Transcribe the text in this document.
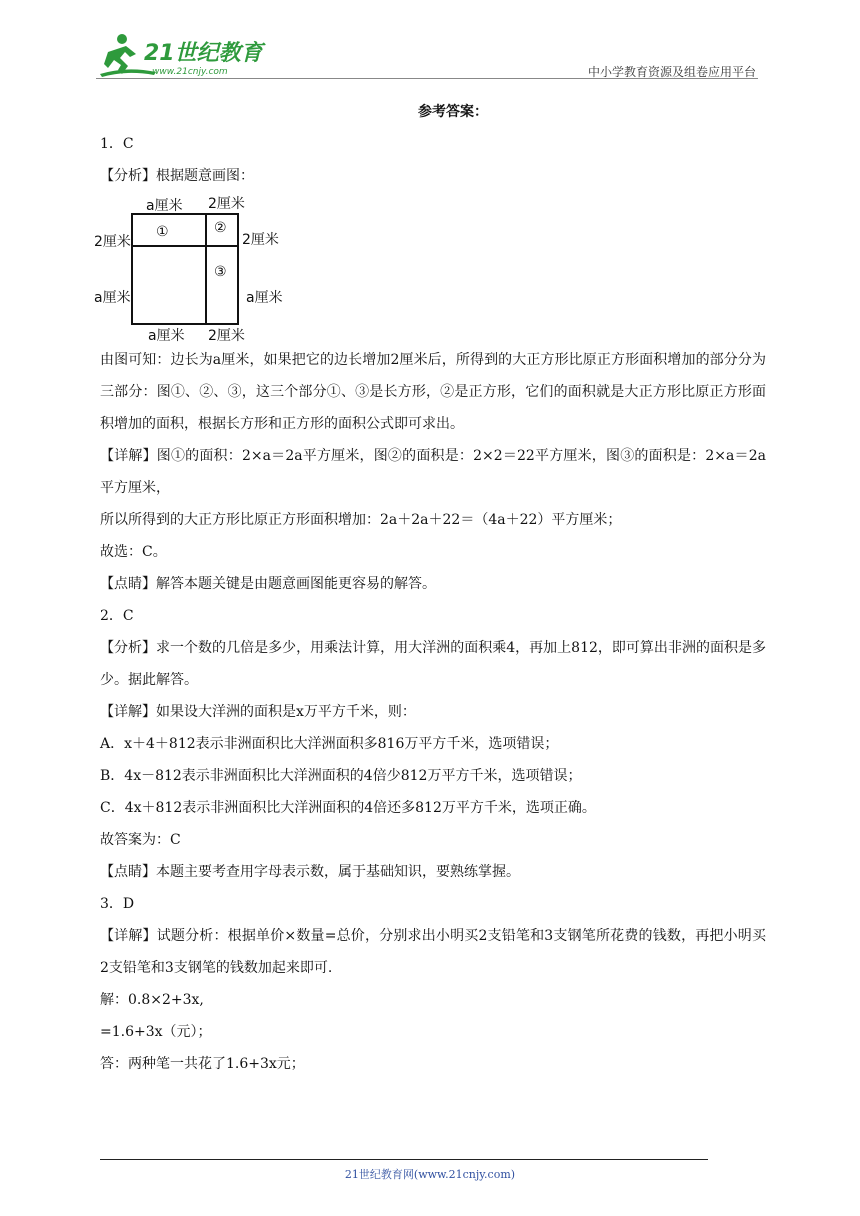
21世纪教育
www.21cnjy.com	中小学教育资源及组卷应用平台
参考答案：
1．C
【分析】根据题意画图：
a厘米 2厘米
2厘米
a厘米
2厘米
a厘米
a厘米 2厘米
①	②
③
由图可知：边长为a厘米，如果把它的边长增加2厘米后，所得到的大正方形比原正方形面积增加的部分分为三部分：图①、②、③，这三个部分①、③是长方形，②是正方形，它们的面积就是大正方形比原正方形面积增加的面积，根据长方形和正方形的面积公式即可求出。
【详解】图①的面积：2×a＝2a平方厘米，图②的面积是：2×2＝22平方厘米，图③的面积是：2×a＝2a平方厘米，
所以所得到的大正方形比原正方形面积增加：2a＋2a＋22＝（4a＋22）平方厘米；
故选：C。
【点睛】解答本题关键是由题意画图能更容易的解答。
2．C
【分析】求一个数的几倍是多少，用乘法计算，用大洋洲的面积乘4，再加上812，即可算出非洲的面积是多少。据此解答。
【详解】如果设大洋洲的面积是x万平方千米，则：
A．x＋4＋812表示非洲面积比大洋洲面积多816万平方千米，选项错误；
B．4x－812表示非洲面积比大洋洲面积的4倍少812万平方千米，选项错误；
C．4x＋812表示非洲面积比大洋洲面积的4倍还多812万平方千米，选项正确。
故答案为：C
【点睛】本题主要考查用字母表示数，属于基础知识，要熟练掌握。
3．D
【详解】试题分析：根据单价×数量=总价，分别求出小明买2支铅笔和3支钢笔所花费的钱数，再把小明买2支铅笔和3支钢笔的钱数加起来即可.
解：0.8×2+3x,
=1.6+3x（元）；
答：两种笔一共花了1.6+3x元；
21世纪教育网(www.21cnjy.com)
